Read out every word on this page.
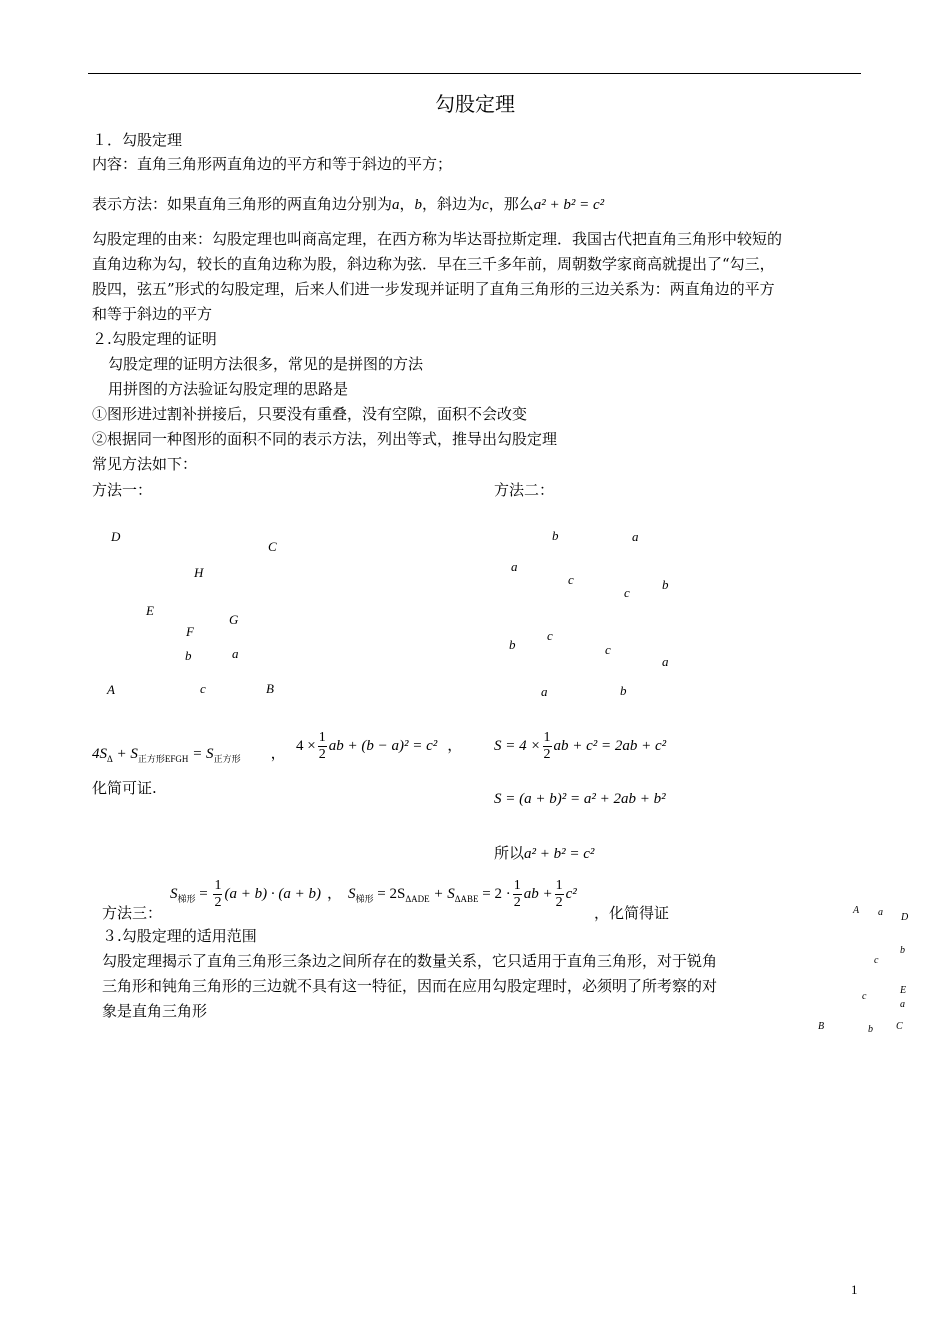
勾股定理
１．勾股定理
内容：直角三角形两直角边的平方和等于斜边的平方；
表示方法：如果直角三角形的两直角边分别为a，b，斜边为c，那么a² + b² = c²
勾股定理的由来：勾股定理也叫商高定理，在西方称为毕达哥拉斯定理．我国古代把直角三角形中较短的
直角边称为勾，较长的直角边称为股，斜边称为弦．早在三千多年前，周朝数学家商高就提出了“勾三，
股四，弦五”形式的勾股定理，后来人们进一步发现并证明了直角三角形的三边关系为：两直角边的平方
和等于斜边的平方
２.勾股定理的证明
勾股定理的证明方法很多，常见的是拼图的方法
用拼图的方法验证勾股定理的思路是
①图形进过割补拼接后，只要没有重叠，没有空隙，面积不会改变
②根据同一种图形的面积不同的表示方法，列出等式，推导出勾股定理
常见方法如下：
方法一：	方法二：
D
C
H
E
G
F
b	a
A	c	B
b	a
a
c
c
b
b
c
c
a
a	b
$4S_\Delta + S_{正方形EFGH} = S_{正方形}$ ，
$4 \times \frac{1}{2}$ ab + (b − a)² = c² ，
化简可证.
$S = 4 \times \frac{1}{2}$ ab + c² = 2ab + c²
S = (a + b)² = a² + 2ab + b²
所以a² + b² = c²
方法三：
$S_{梯形} = \frac{1}{2} (a + b) \cdot (a + b)$ ， $S_{梯形} = 2S_{\Delta ADE} + S_{\Delta ABE} = 2 \cdot \frac{1}{2}$ ab + $\frac{1}{2} c^2$
，化简得证	A a D
b
c
E
c
a
B	b C
３.勾股定理的适用范围
勾股定理揭示了直角三角形三条边之间所存在的数量关系，它只适用于直角三角形，对于锐角
三角形和钝角三角形的三边就不具有这一特征，因而在应用勾股定理时，必须明了所考察的对
象是直角三角形
1
